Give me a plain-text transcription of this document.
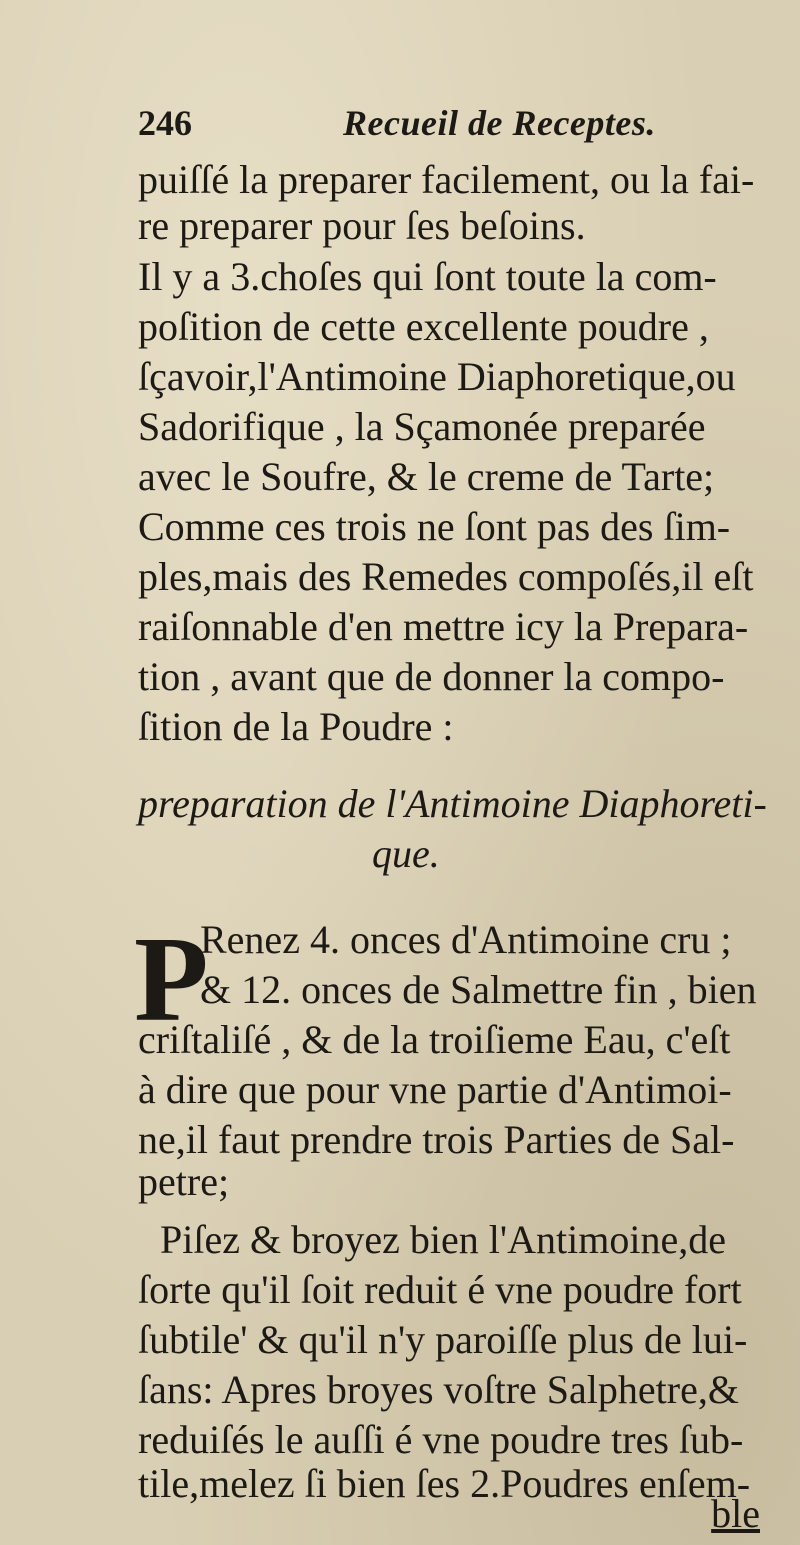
246	Recueil de Receptes.
puiſſé la preparer facilement, ou la fai-
re preparer pour ſes beſoins.
Il y a 3.choſes qui ſont toute la com-
poſition de cette excellente poudre ,
ſçavoir,l'Antimoine Diaphoretique,ou
Sadorifique , la Sçamonée preparée
avec le Soufre, & le creme de Tarte;
Comme ces trois ne ſont pas des ſim-
ples,mais des Remedes compoſés,il eſt
raiſonnable d'en mettre icy la Prepara-
tion , avant que de donner la compo-
ſition de la Poudre :
preparation de l'Antimoine Diaphoreti-
que.
P
Renez 4. onces d'Antimoine cru ;
& 12. onces de Salmettre fin , bien
criſtaliſé , & de la troiſieme Eau, c'eſt
à dire que pour vne partie d'Antimoi-
ne,il faut prendre trois Parties de Sal-
petre;
Piſez & broyez bien l'Antimoine,de
ſorte qu'il ſoit reduit é vne poudre fort
ſubtile' & qu'il n'y paroiſſe plus de lui-
ſans: Apres broyes voſtre Salphetre,&
reduiſés le auſſi é vne poudre tres ſub-
tile,melez ſi bien ſes 2.Poudres enſem-
ble
